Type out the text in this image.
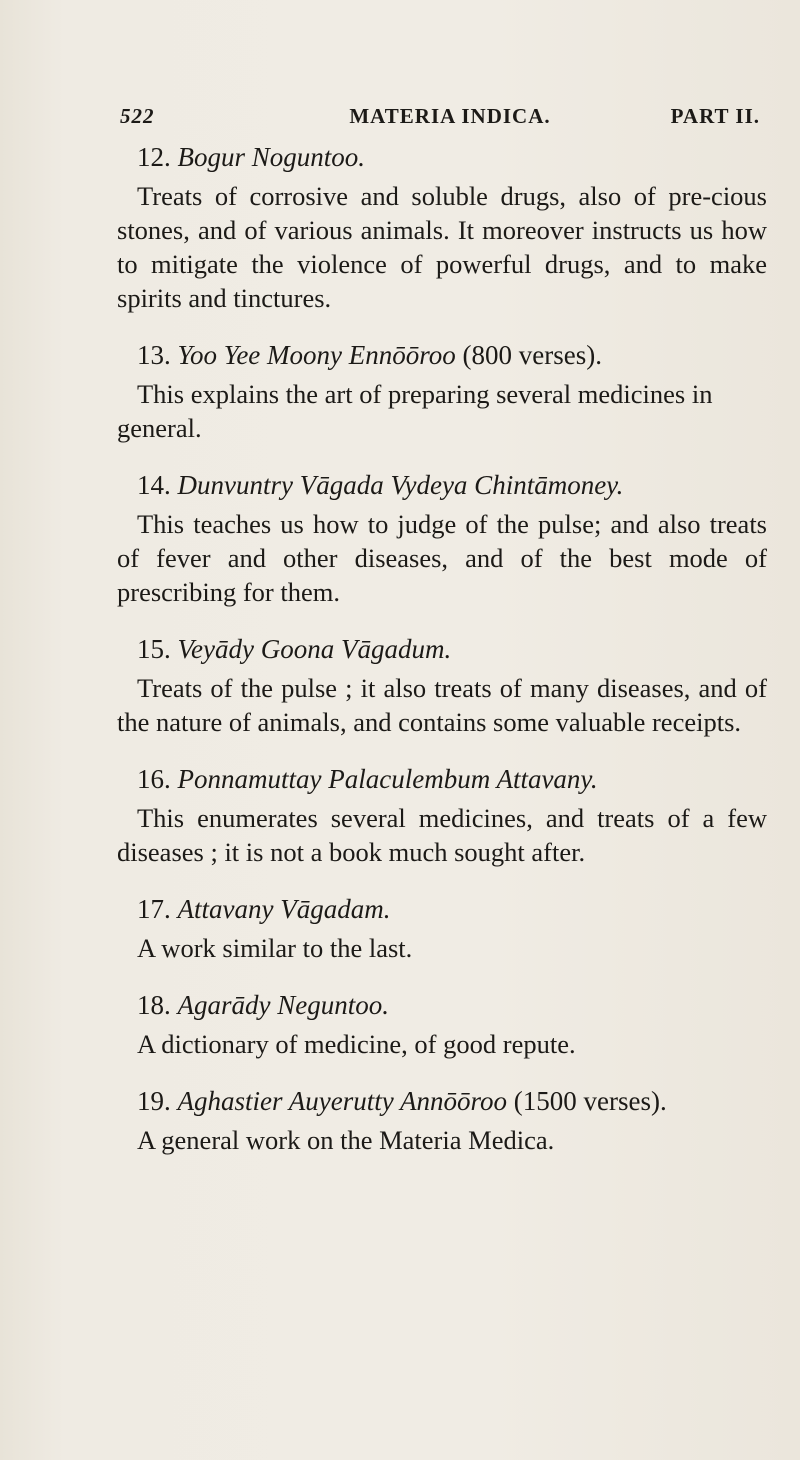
522	MATERIA INDICA.	PART II.

12. Bogur Noguntoo.

Treats of corrosive and soluble drugs, also of pre-cious stones, and of various animals. It moreover instructs us how to mitigate the violence of powerful drugs, and to make spirits and tinctures.

13. Yoo Yee Moony Ennōōroo (800 verses).

This explains the art of preparing several medicines in general.

14. Dunvuntry Vāgada Vydeya Chintāmoney.

This teaches us how to judge of the pulse; and also treats of fever and other diseases, and of the best mode of prescribing for them.

15. Veyādy Goona Vāgadum.

Treats of the pulse ; it also treats of many diseases, and of the nature of animals, and contains some valuable receipts.

16. Ponnamuttay Palaculembum Attavany.

This enumerates several medicines, and treats of a few diseases ; it is not a book much sought after.

17. Attavany Vāgadam.

A work similar to the last.

18. Agarādy Neguntoo.

A dictionary of medicine, of good repute.

19. Aghastier Auyerutty Annōōroo (1500 verses).

A general work on the Materia Medica.
